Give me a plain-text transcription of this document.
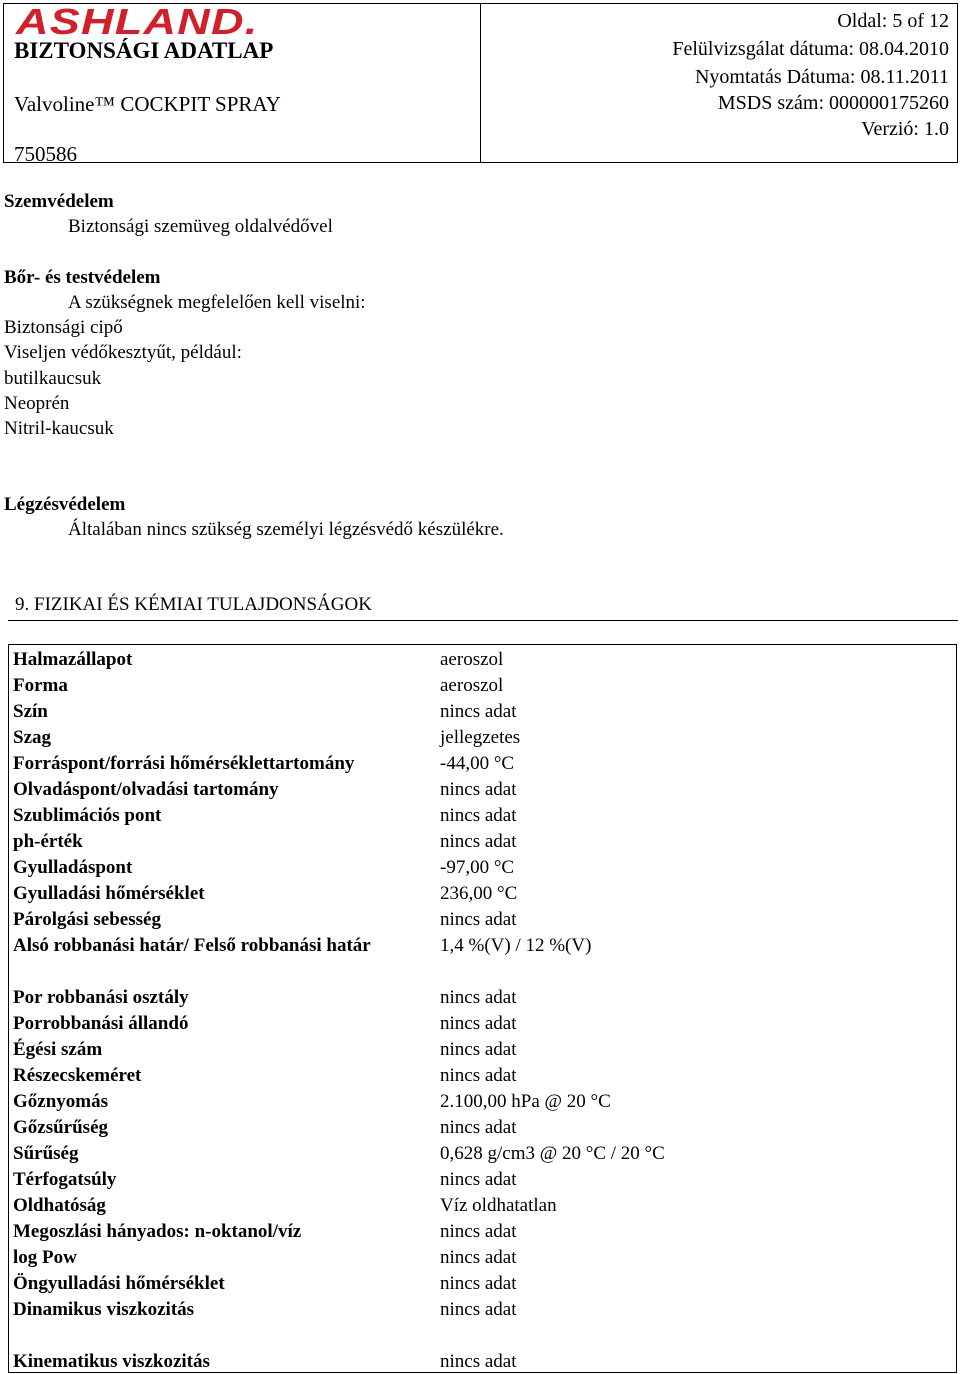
ASHLAND.
BIZTONSÁGI ADATLAP
Valvoline™ COCKPIT SPRAY
750586
Oldal: 5 of 12
Felülvizsgálat dátuma: 08.04.2010
Nyomtatás Dátuma: 08.11.2011
MSDS szám: 000000175260
Verzió: 1.0
Szemvédelem
Biztonsági szemüveg oldalvédővel
Bőr- és testvédelem
A szükségnek megfelelően kell viselni:
Biztonsági cipő
Viseljen védőkesztyűt, például:
butilkaucsuk
Neoprén
Nitril-kaucsuk
Légzésvédelem
Általában nincs szükség személyi légzésvédő készülékre.
9. FIZIKAI ÉS KÉMIAI TULAJDONSÁGOK
Halmazállapot	aeroszol
Forma	aeroszol
Szín	nincs adat
Szag	jellegzetes
Forráspont/forrási hőmérséklettartomány	-44,00 °C
Olvadáspont/olvadási tartomány	nincs adat
Szublimációs pont	nincs adat
ph-érték	nincs adat
Gyulladáspont	-97,00 °C
Gyulladási hőmérséklet	236,00 °C
Párolgási sebesség	nincs adat
Alsó robbanási határ/ Felső robbanási határ	1,4 %(V) / 12 %(V)
Por robbanási osztály	nincs adat
Porrobbanási állandó	nincs adat
Égési szám	nincs adat
Részecskeméret	nincs adat
Gőznyomás	2.100,00 hPa @ 20 °C
Gőzsűrűség	nincs adat
Sűrűség	0,628 g/cm3 @ 20 °C / 20 °C
Térfogatsúly	nincs adat
Oldhatóság	Víz oldhatatlan
Megoszlási hányados: n-oktanol/víz	nincs adat
log Pow	nincs adat
Öngyulladási hőmérséklet	nincs adat
Dinamikus viszkozitás	nincs adat
Kinematikus viszkozitás	nincs adat
